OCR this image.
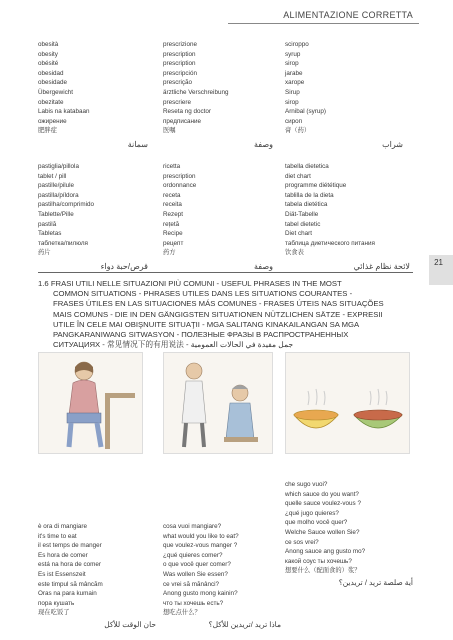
ALIMENTAZIONE CORRETTA
21
obesità
obesity
obésité
obesidad
obesidade
Übergewicht
obezitate
Labis na katabaan
ожирение
肥胖症
سمانة
prescrizione
prescription
prescription
prescripción
prescrição
ärztliche Verschreibung
prescriere
Reseta ng doctor
предписание
医嘱
وصفة
sciroppo
syrup
sirop
jarabe
xarope
Sirup
sirop
Arnibal (syrup)
сироп
膏（药）
شراب
pastiglia/pillola
tablet / pill
pastille/pilule
pastilla/píldora
pastilha/comprimido
Tablette/Pille
pastilă
Tabletas
таблетка/пилюля
药片
قرص/حبة دواء
ricetta
prescription
ordonnance
receta
receita
Rezept
rețetă
Recipe
рецепт
药方
وصفة
tabella dietetica
diet chart
programme diététique
tablilla de la dieta
tabela dietética
Diät-Tabelle
tabel dietetic
Diet chart
таблица диетического питания
饮食表
لائحة نظام غذائي
1.6 FRASI UTILI NELLE SITUAZIONI PIÙ COMUNI - USEFUL PHRASES IN THE MOST
COMMON SITUATIONS - PHRASES UTILES DANS LES SITUATIONS COURANTES -
FRASES ÚTILES EN LAS SITUACIONES MÁS COMUNES - FRASES ÚTEIS NAS SITUAÇÕES
MAIS COMUNS - DIE IN DEN GÄNGIGSTEN SITUATIONEN NÜTZLICHEN SÄTZE - EXPRESII
UTILE ÎN CELE MAI OBIŞNUITE SITUAŢII - MGA SALITANG KINAKAILANGAN SA MGA
PANGKARANIWANG SITWASYON - ПОЛЕЗНЫЕ ФРАЗЫ В РАСПРОСТРАНЕННЫХ
СИТУАЦИЯХ - 常见情况下的有用说法 - جمل مفيدة في الحالات العمومية
è ora di mangiare
it's time to eat
il est temps de manger
Es hora de comer
está na hora de comer
Es ist Essenszeit
este timpul să mâncăm
Oras na para kumain
пора кушать
现在吃饭了
حان الوقت للأكل
cosa vuoi mangiare?
what would you like to eat?
que voulez-vous manger ?
¿qué quieres comer?
o que você quer comer?
Was wollen Sie essen?
ce vrei să mănânci?
Anong gusto mong kainin?
что ты хочешь есть?
想吃点什么？
ماذا تريد /تريدين للأكل؟
che sugo vuoi?
which sauce do you want?
quelle sauce voulez-vous ?
¿qué jugo quieres?
que molho você quer?
Welche Sauce wollen Sie?
ce sos vrei?
Anong sauce ang gusto mo?
какой соус ты хочешь?
想要什么（配面食的）浆？
أية صلصة تريد / تريدين؟
